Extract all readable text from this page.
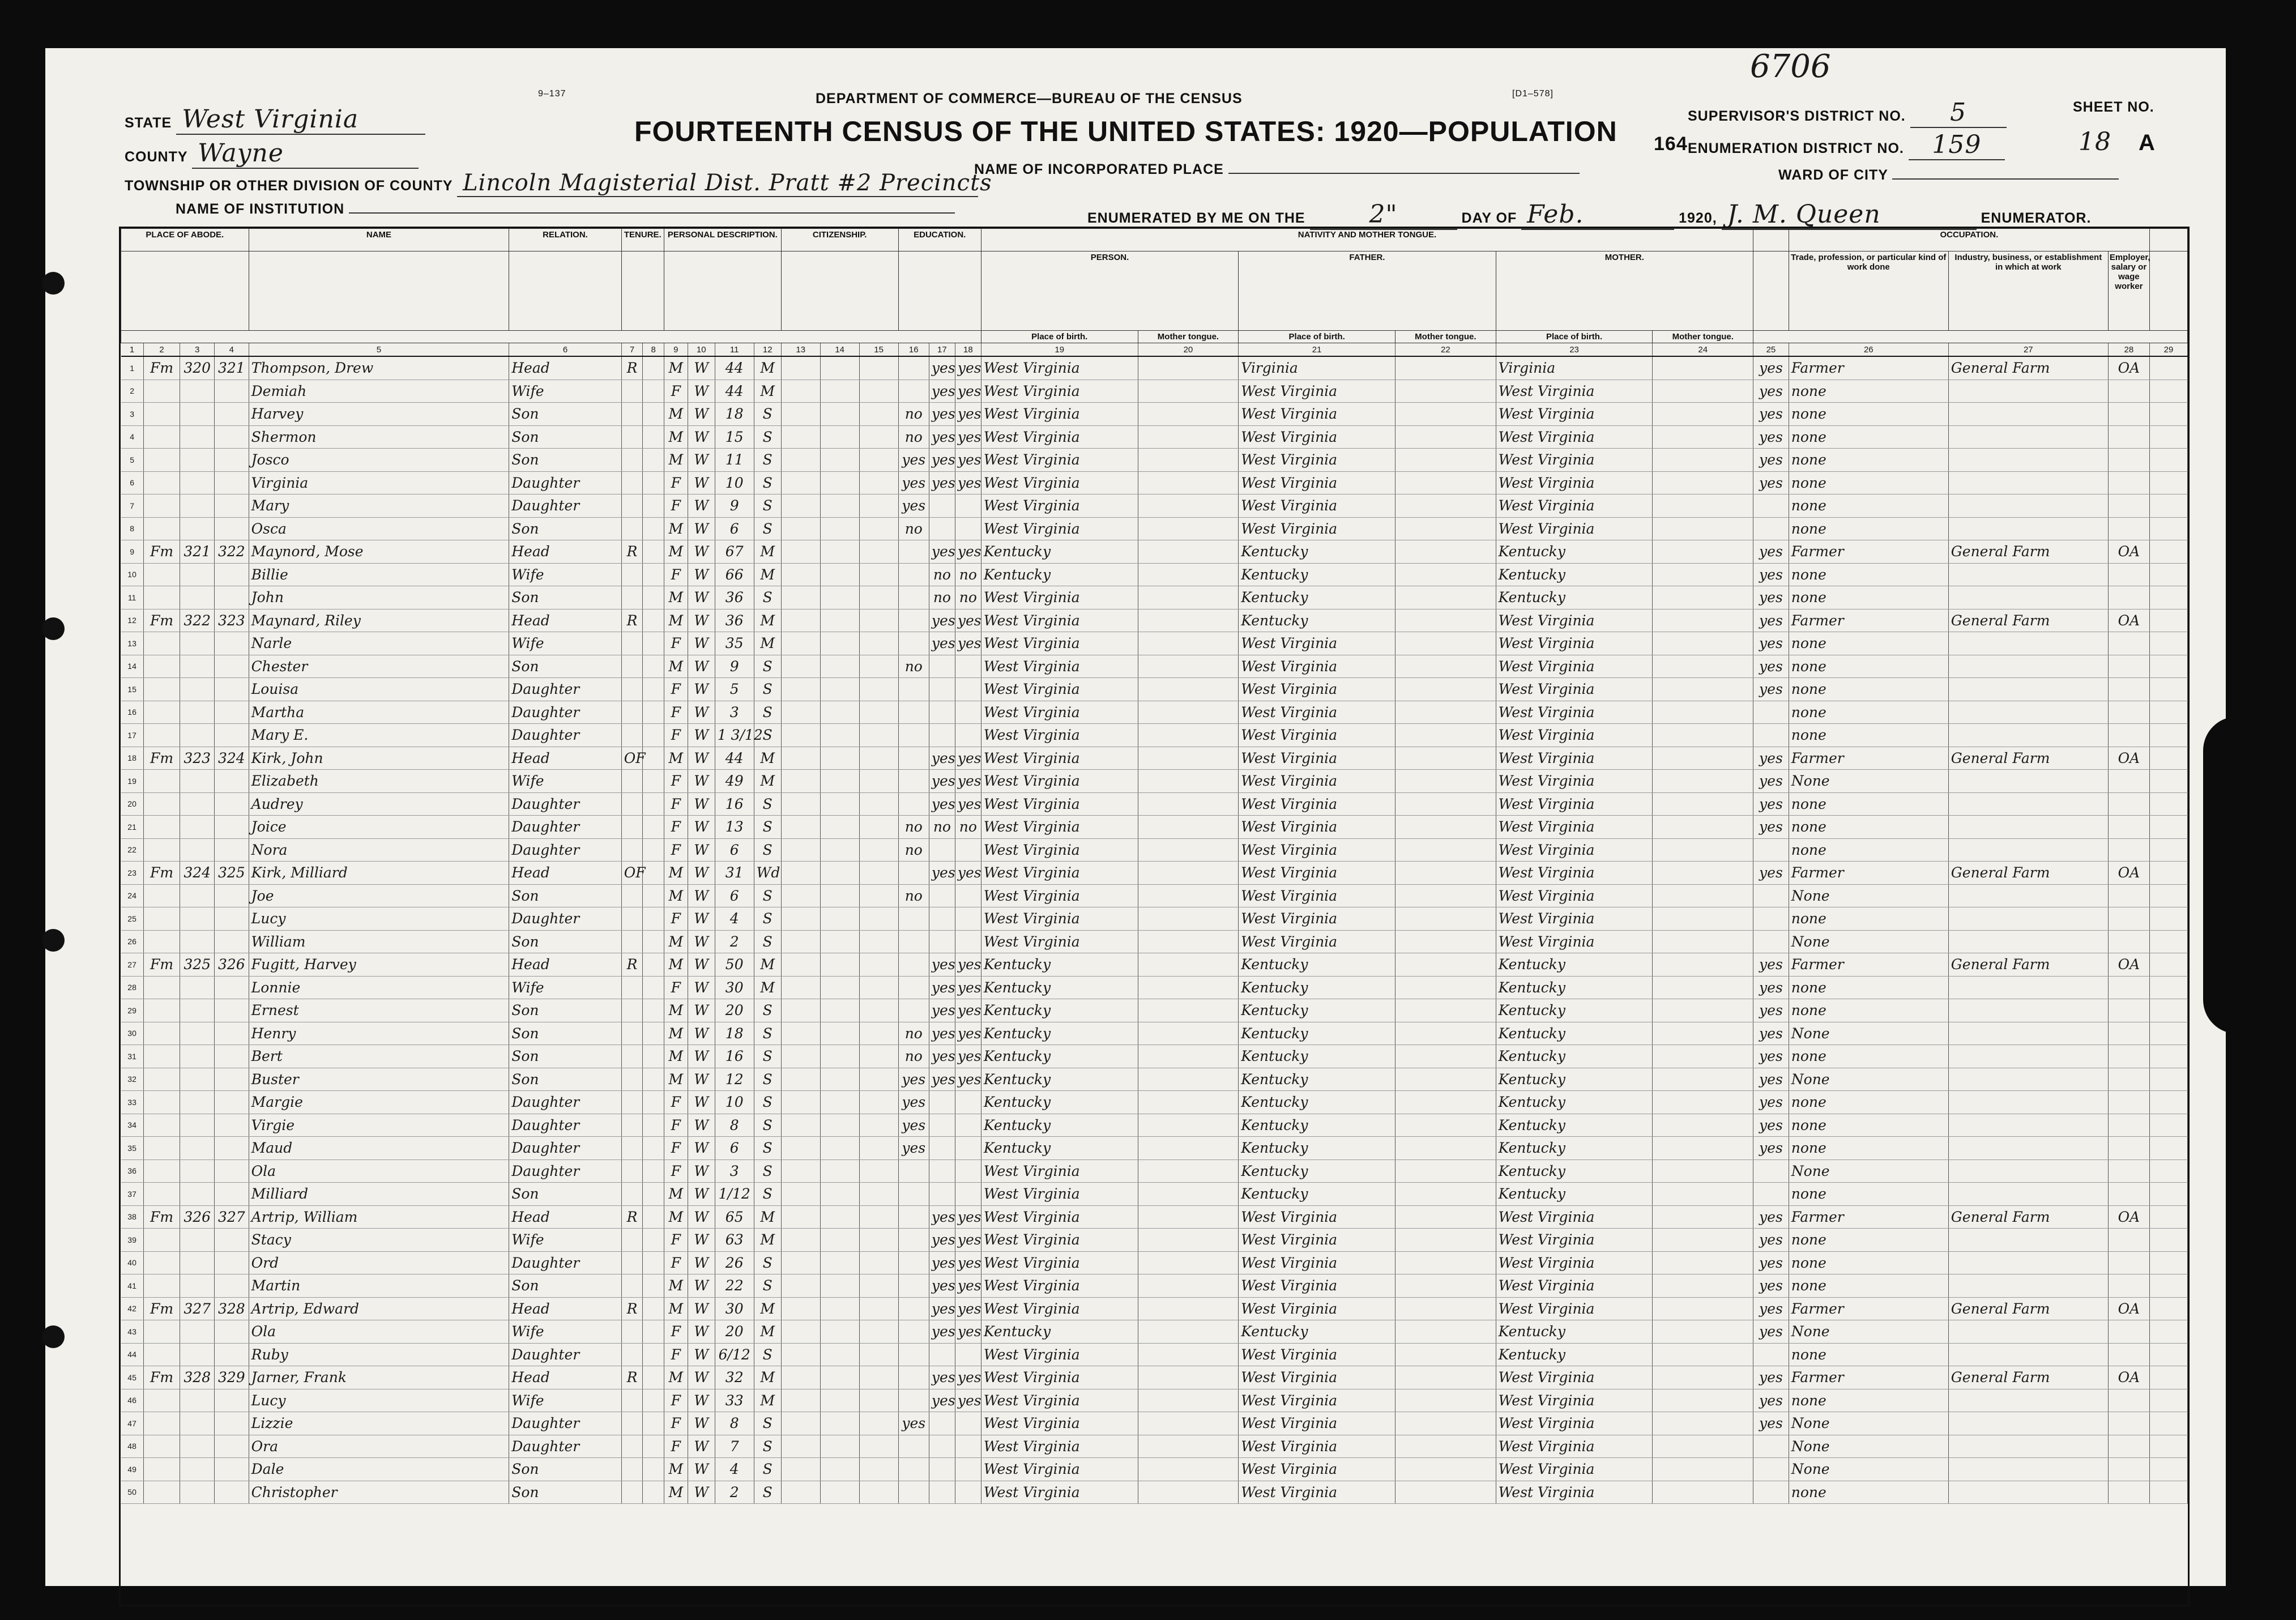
STATE West Virginia
COUNTY Wayne
TOWNSHIP OR OTHER DIVISION OF COUNTY Lincoln Magisterial Dist. Pratt #2 Precincts
NAME OF INSTITUTION
9–137	DEPARTMENT OF COMMERCE—BUREAU OF THE CENSUS	[D1–578]
FOURTEENTH CENSUS OF THE UNITED STATES: 1920—POPULATION 164
NAME OF INCORPORATED PLACE
ENUMERATED BY ME ON THE	2"	DAY OF Feb.	1920, J. M. Queen	ENUMERATOR.
6706
SUPERVISOR'S DISTRICT NO. 5
ENUMERATION DISTRICT NO. 159
SHEET NO.
18 A
WARD OF CITY
PLACE OF ABODE.				NAME	RELATION.	TENURE.		PERSONAL DESCRIPTION.				CITIZENSHIP.			EDUCATION.			NATIVITY AND MOTHER TONGUE.							OCCUPATION.			
																		PERSON.		FATHER.		MOTHER.			Trade, profession, or particular kind of work done	Industry, business, or establishment in which at work	Employer, salary or wage worker	
																		Place of birth.	Mother tongue.	Place of birth.	Mother tongue.	Place of birth.	Mother tongue.					
1	2	3	4	5	6	7	8	9	10	11	12	13	14	15	16	17	18	19	20	21	22	23	24	25	26	27	28	29
1	Fm	320	321	Thompson, Drew	Head	R		M	W	44	M					yes	yes	West Virginia		Virginia		Virginia		yes	Farmer	General Farm	OA	
2				Demiah	Wife			F	W	44	M					yes	yes	West Virginia		West Virginia		West Virginia		yes	none			
3				Harvey	Son			M	W	18	S				no	yes	yes	West Virginia		West Virginia		West Virginia		yes	none			
4				Shermon	Son			M	W	15	S				no	yes	yes	West Virginia		West Virginia		West Virginia		yes	none			
5				Josco	Son			M	W	11	S				yes	yes	yes	West Virginia		West Virginia		West Virginia		yes	none			
6				Virginia	Daughter			F	W	10	S				yes	yes	yes	West Virginia		West Virginia		West Virginia		yes	none			
7				Mary	Daughter			F	W	9	S				yes			West Virginia		West Virginia		West Virginia			none			
8				Osca	Son			M	W	6	S				no			West Virginia		West Virginia		West Virginia			none			
9	Fm	321	322	Maynord, Mose	Head	R		M	W	67	M					yes	yes	Kentucky		Kentucky		Kentucky		yes	Farmer	General Farm	OA	
10				Billie	Wife			F	W	66	M					no	no	Kentucky		Kentucky		Kentucky		yes	none			
11				John	Son			M	W	36	S					no	no	West Virginia		Kentucky		Kentucky		yes	none			
12	Fm	322	323	Maynard, Riley	Head	R		M	W	36	M					yes	yes	West Virginia		Kentucky		West Virginia		yes	Farmer	General Farm	OA	
13				Narle	Wife			F	W	35	M					yes	yes	West Virginia		West Virginia		West Virginia		yes	none			
14				Chester	Son			M	W	9	S				no			West Virginia		West Virginia		West Virginia		yes	none			
15				Louisa	Daughter			F	W	5	S							West Virginia		West Virginia		West Virginia		yes	none			
16				Martha	Daughter			F	W	3	S							West Virginia		West Virginia		West Virginia			none			
17				Mary E.	Daughter			F	W	1 3/12	S							West Virginia		West Virginia		West Virginia			none			
18	Fm	323	324	Kirk, John	Head	OF		M	W	44	M					yes	yes	West Virginia		West Virginia		West Virginia		yes	Farmer	General Farm	OA	
19				Elizabeth	Wife			F	W	49	M					yes	yes	West Virginia		West Virginia		West Virginia		yes	None			
20				Audrey	Daughter			F	W	16	S					yes	yes	West Virginia		West Virginia		West Virginia		yes	none			
21				Joice	Daughter			F	W	13	S				no	no	no	West Virginia		West Virginia		West Virginia		yes	none			
22				Nora	Daughter			F	W	6	S				no			West Virginia		West Virginia		West Virginia			none			
23	Fm	324	325	Kirk, Milliard	Head	OF		M	W	31	Wd					yes	yes	West Virginia		West Virginia		West Virginia		yes	Farmer	General Farm	OA	
24				Joe	Son			M	W	6	S				no			West Virginia		West Virginia		West Virginia			None			
25				Lucy	Daughter			F	W	4	S							West Virginia		West Virginia		West Virginia			none			
26				William	Son			M	W	2	S							West Virginia		West Virginia		West Virginia			None			
27	Fm	325	326	Fugitt, Harvey	Head	R		M	W	50	M					yes	yes	Kentucky		Kentucky		Kentucky		yes	Farmer	General Farm	OA	
28				Lonnie	Wife			F	W	30	M					yes	yes	Kentucky		Kentucky		Kentucky		yes	none			
29				Ernest	Son			M	W	20	S					yes	yes	Kentucky		Kentucky		Kentucky		yes	none			
30				Henry	Son			M	W	18	S				no	yes	yes	Kentucky		Kentucky		Kentucky		yes	None			
31				Bert	Son			M	W	16	S				no	yes	yes	Kentucky		Kentucky		Kentucky		yes	none			
32				Buster	Son			M	W	12	S				yes	yes	yes	Kentucky		Kentucky		Kentucky		yes	None			
33				Margie	Daughter			F	W	10	S				yes			Kentucky		Kentucky		Kentucky		yes	none			
34				Virgie	Daughter			F	W	8	S				yes			Kentucky		Kentucky		Kentucky		yes	none			
35				Maud	Daughter			F	W	6	S				yes			Kentucky		Kentucky		Kentucky		yes	none			
36				Ola	Daughter			F	W	3	S							West Virginia		Kentucky		Kentucky			None			
37				Milliard	Son			M	W	1/12	S							West Virginia		Kentucky		Kentucky			none			
38	Fm	326	327	Artrip, William	Head	R		M	W	65	M					yes	yes	West Virginia		West Virginia		West Virginia		yes	Farmer	General Farm	OA	
39				Stacy	Wife			F	W	63	M					yes	yes	West Virginia		West Virginia		West Virginia		yes	none			
40				Ord	Daughter			F	W	26	S					yes	yes	West Virginia		West Virginia		West Virginia		yes	none			
41				Martin	Son			M	W	22	S					yes	yes	West Virginia		West Virginia		West Virginia		yes	none			
42	Fm	327	328	Artrip, Edward	Head	R		M	W	30	M					yes	yes	West Virginia		West Virginia		West Virginia		yes	Farmer	General Farm	OA	
43				Ola	Wife			F	W	20	M					yes	yes	Kentucky		Kentucky		Kentucky		yes	None			
44				Ruby	Daughter			F	W	6/12	S							West Virginia		West Virginia		Kentucky			none			
45	Fm	328	329	Jarner, Frank	Head	R		M	W	32	M					yes	yes	West Virginia		West Virginia		West Virginia		yes	Farmer	General Farm	OA	
46				Lucy	Wife			F	W	33	M					yes	yes	West Virginia		West Virginia		West Virginia		yes	none			
47				Lizzie	Daughter			F	W	8	S				yes			West Virginia		West Virginia		West Virginia		yes	None			
48				Ora	Daughter			F	W	7	S							West Virginia		West Virginia		West Virginia			None			
49				Dale	Son			M	W	4	S							West Virginia		West Virginia		West Virginia			None			
50				Christopher	Son			M	W	2	S							West Virginia		West Virginia		West Virginia			none			
